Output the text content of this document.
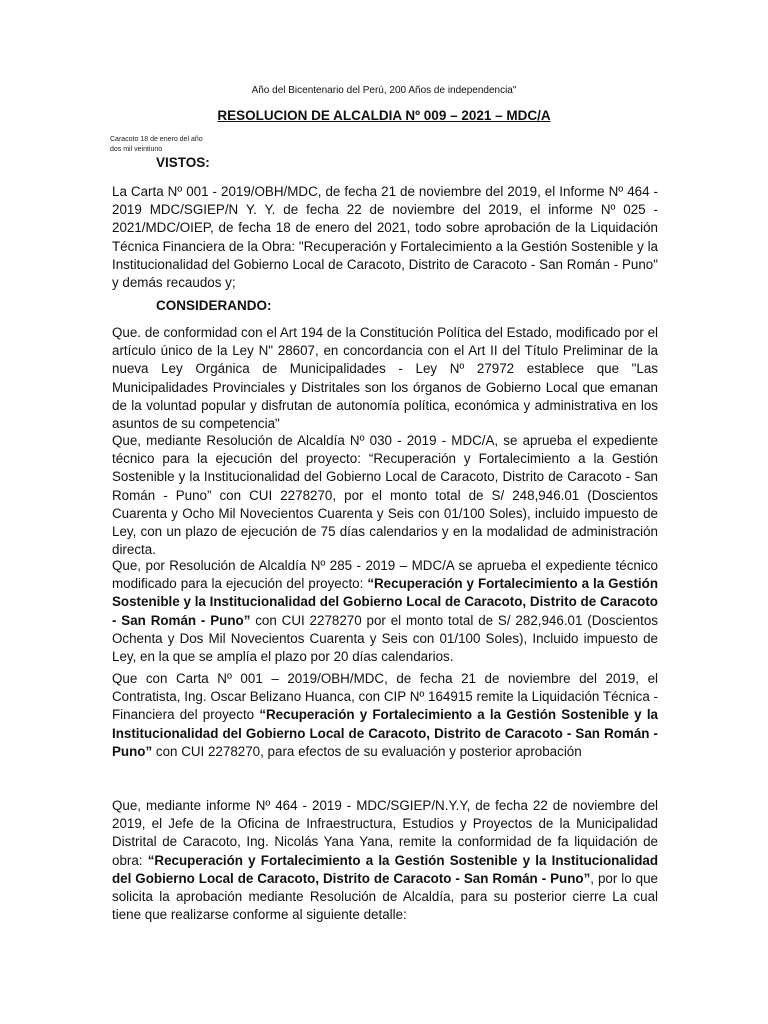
Año del Bicentenario del Perú, 200 Años de independencia"
RESOLUCION DE ALCALDIA Nº 009 – 2021 – MDC/A
Caracoto 18 de enero del año dos mil veintiuno
VISTOS:
La Carta Nº 001 - 2019/OBH/MDC, de fecha 21 de noviembre del 2019, el Informe Nº 464 - 2019 MDC/SGIEP/N Y. Y. de fecha 22 de noviembre del 2019, el informe Nº 025 - 2021/MDC/OIEP, de fecha 18 de enero del 2021, todo sobre aprobación de la Liquidación Técnica Financiera de la Obra: "Recuperación y Fortalecimiento a la Gestión Sostenible y la Institucionalidad del Gobierno Local de Caracoto, Distrito de Caracoto - San Román - Puno" y demás recaudos y;
CONSIDERANDO:
Que. de conformidad con el Art 194 de la Constitución Política del Estado, modificado por el artículo único de la Ley N" 28607, en concordancia con el Art II del Título Preliminar de la nueva Ley Orgánica de Municipalidades - Ley Nº 27972 establece que "Las Municipalidades Provinciales y Distritales son los órganos de Gobierno Local que emanan de la voluntad popular y disfrutan de autonomía política, económica y administrativa en los asuntos de su competencia"
Que, mediante Resolución de Alcaldía Nº 030 - 2019 - MDC/A, se aprueba el expediente técnico para la ejecución del proyecto: “Recuperación y Fortalecimiento a la Gestión Sostenible y la Institucionalidad del Gobierno Local de Caracoto, Distrito de Caracoto - San Román - Puno” con CUI 2278270, por el monto total de S/ 248,946.01 (Doscientos Cuarenta y Ocho Mil Novecientos Cuarenta y Seis con 01/100 Soles), incluido impuesto de Ley, con un plazo de ejecución de 75 días calendarios y en la modalidad de administración directa.
Que, por Resolución de Alcaldía Nº 285 - 2019 – MDC/A se aprueba el expediente técnico modificado para la ejecución del proyecto: “Recuperación y Fortalecimiento a la Gestión Sostenible y la Institucionalidad del Gobierno Local de Caracoto, Distrito de Caracoto - San Román - Puno” con CUI 2278270 por el monto total de S/ 282,946.01 (Doscientos Ochenta y Dos Mil Novecientos Cuarenta y Seis con 01/100 Soles), Incluido impuesto de Ley, en la que se amplía el plazo por 20 días calendarios.
Que con Carta Nº 001 – 2019/OBH/MDC, de fecha 21 de noviembre del 2019, el Contratista, Ing. Oscar Belizano Huanca, con CIP Nº 164915 remite la Liquidación Técnica - Financiera del proyecto “Recuperación y Fortalecimiento a la Gestión Sostenible y la Institucionalidad del Gobierno Local de Caracoto, Distrito de Caracoto - San Román - Puno” con CUI 2278270, para efectos de su evaluación y posterior aprobación
Que, mediante informe Nº 464 - 2019 - MDC/SGIEP/N.Y.Y, de fecha 22 de noviembre del 2019, el Jefe de la Oficina de Infraestructura, Estudios y Proyectos de la Municipalidad Distrital de Caracoto, Ing. Nicolás Yana Yana, remite la conformidad de fa liquidación de obra: “Recuperación y Fortalecimiento a la Gestión Sostenible y la Institucionalidad del Gobierno Local de Caracoto, Distrito de Caracoto - San Román - Puno”, por lo que solicita la aprobación mediante Resolución de Alcaldía, para su posterior cierre La cual tiene que realizarse conforme al siguiente detalle:
